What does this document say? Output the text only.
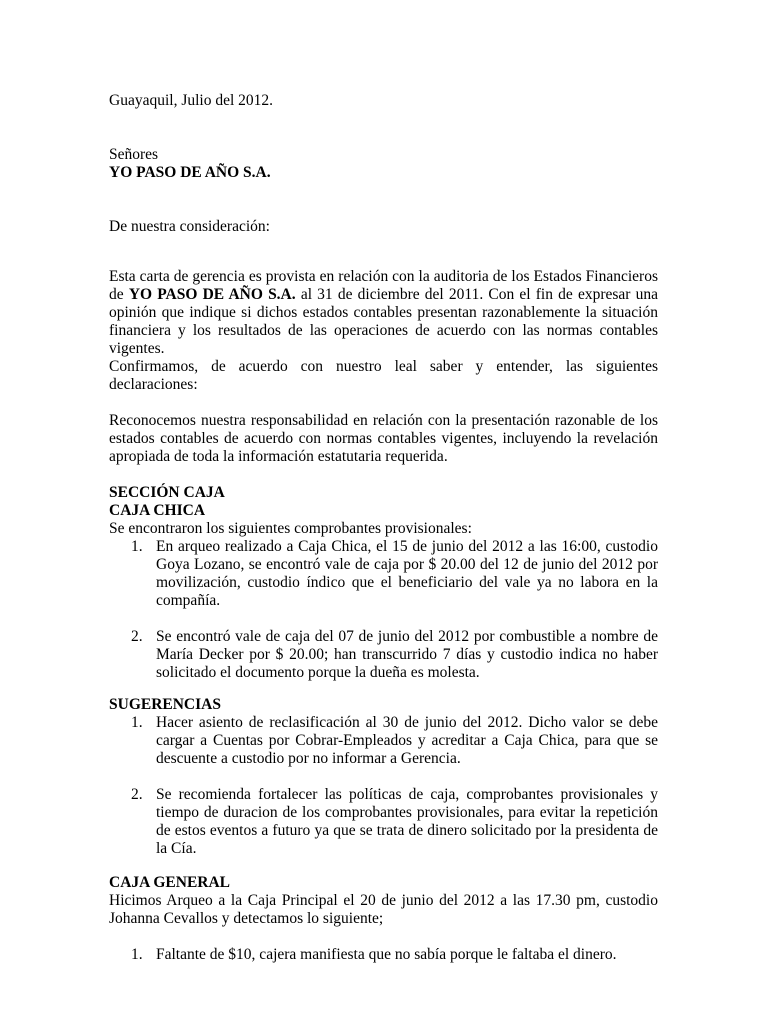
Guayaquil, Julio del 2012.

Señores

YO PASO DE AÑO S.A.

De nuestra consideración:

Esta carta de gerencia es provista en relación con la auditoria de los Estados Financieros de YO PASO DE AÑO S.A. al 31 de diciembre del 2011. Con el fin de expresar una opinión que indique si dichos estados contables presentan razonablemente la situación financiera y los resultados de las operaciones de acuerdo con las normas contables vigentes.

Confirmamos, de acuerdo con nuestro leal saber y entender, las siguientes declaraciones:

Reconocemos nuestra responsabilidad en relación con la presentación razonable de los estados contables de acuerdo con normas contables vigentes, incluyendo la revelación apropiada de toda la información estatutaria requerida.

SECCIÓN CAJA

CAJA CHICA

Se encontraron los siguientes comprobantes provisionales:

1. En arqueo realizado a Caja Chica, el 15 de junio del 2012 a las 16:00, custodio Goya Lozano, se encontró vale de caja por $ 20.00 del 12 de junio del 2012 por movilización, custodio índico que el beneficiario del vale ya no labora en la compañía.
2. Se encontró vale de caja del 07 de junio del 2012 por combustible a nombre de María Decker por $ 20.00; han transcurrido 7 días y custodio indica no haber solicitado el documento porque la dueña es molesta.

SUGERENCIAS

1. Hacer asiento de reclasificación al 30 de junio del 2012. Dicho valor se debe cargar a Cuentas por Cobrar-Empleados y acreditar a Caja Chica, para que se descuente a custodio por no informar a Gerencia.
2. Se recomienda fortalecer las políticas de caja, comprobantes provisionales y tiempo de duracion de los comprobantes provisionales, para evitar la repetición de estos eventos a futuro ya que se trata de dinero solicitado por la presidenta de la Cía.

CAJA GENERAL

Hicimos Arqueo a la Caja Principal el 20 de junio del 2012 a las 17.30 pm, custodio Johanna Cevallos y detectamos lo siguiente;

1. Faltante de $10, cajera manifiesta que no sabía porque le faltaba el dinero.
